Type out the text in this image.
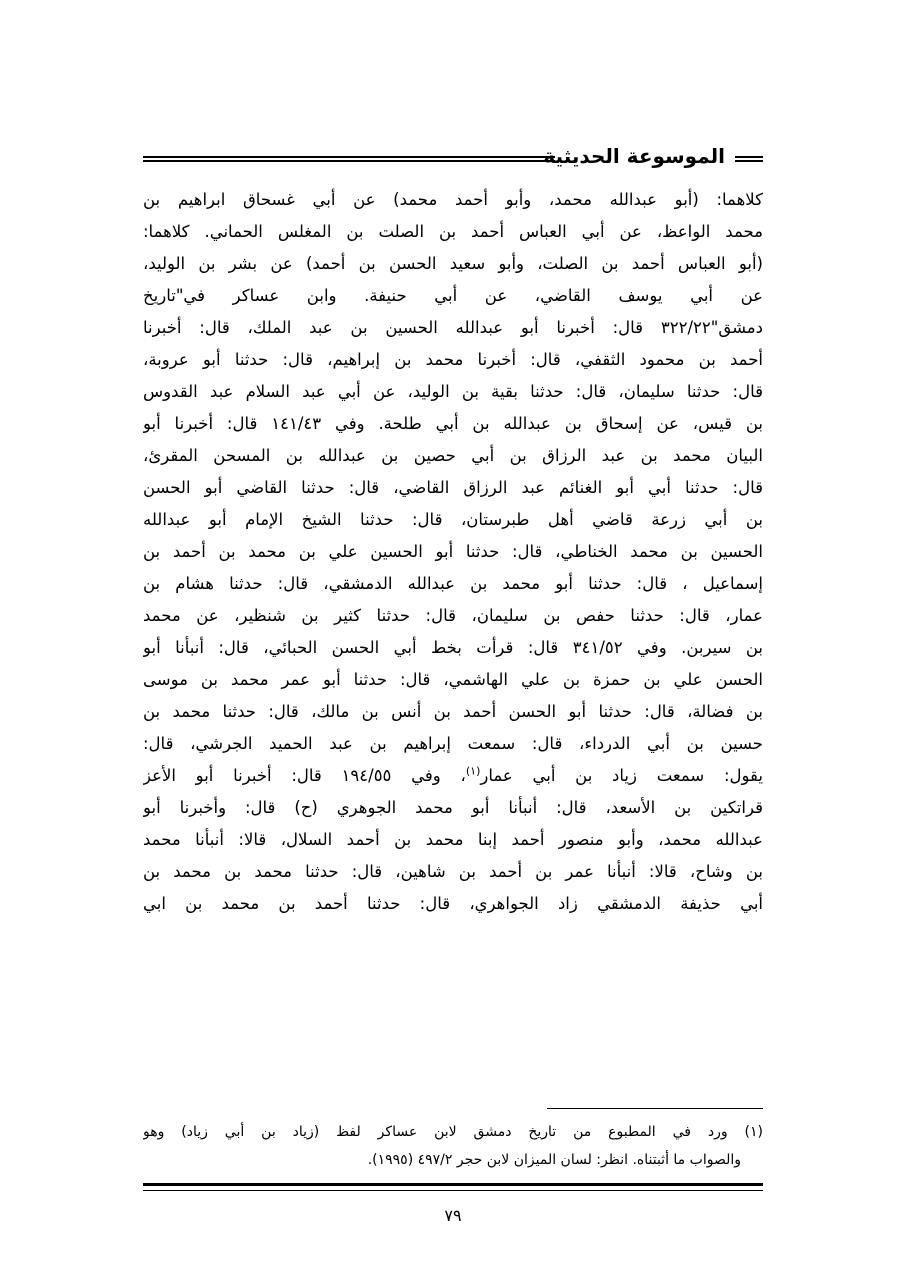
الموسوعة الحديثية
كلاهما: (أبو عبدالله محمد، وأبو أحمد محمد) عن أبي غسحاق ابراهيم بن
محمد الواعظ، عن أبي العباس أحمد بن الصلت بن المغلس الحماني. كلاهما:
(أبو العباس أحمد بن الصلت، وأبو سعيد الحسن بن أحمد) عن بشر بن الوليد،
عن أبي يوسف القاضي، عن أبي حنيفة. وابن عساكر في"تاريخ
دمشق"٣٢٢/٢٢ قال: أخبرنا أبو عبدالله الحسين بن عبد الملك، قال: أخبرنا
أحمد بن محمود الثقفي، قال: أخبرنا محمد بن إبراهيم، قال: حدثنا أبو عروبة،
قال: حدثنا سليمان، قال: حدثنا بقية بن الوليد، عن أبي عبد السلام عبد القدوس
بن قيس، عن إسحاق بن عبدالله بن أبي طلحة. وفي ١٤١/٤٣ قال: أخبرنا أبو
البيان محمد بن عبد الرزاق بن أبي حصين بن عبدالله بن المسحن المقرئ،
قال: حدثنا أبي أبو الغنائم عبد الرزاق القاضي، قال: حدثنا القاضي أبو الحسن
بن أبي زرعة قاضي أهل طبرستان، قال: حدثنا الشيخ الإمام أبو عبدالله
الحسين بن محمد الخناطي، قال: حدثنا أبو الحسين علي بن محمد بن أحمد بن
إسماعيل ، قال: حدثنا أبو محمد بن عبدالله الدمشقي، قال: حدثنا هشام بن
عمار، قال: حدثنا حفص بن سليمان، قال: حدثنا كثير بن شنظير، عن محمد
بن سيربن. وفي ٣٤١/٥٢ قال: قرأت بخط أبي الحسن الحبائي، قال: أنبأنا أبو
الحسن علي بن حمزة بن علي الهاشمي، قال: حدثنا أبو عمر محمد بن موسى
بن فضالة، قال: حدثنا أبو الحسن أحمد بن أنس بن مالك، قال: حدثنا محمد بن
حسين بن أبي الدرداء، قال: سمعت إبراهيم بن عبد الحميد الجرشي، قال:
يقول: سمعت زياد بن أبي عمار$^{(١)}$، وفي ١٩٤/٥٥ قال: أخبرنا أبو الأعز
قراتكين بن الأسعد، قال: أنبأنا أبو محمد الجوهري (ح) قال: وأخبرنا أبو
عبدالله محمد، وأبو منصور أحمد إبنا محمد بن أحمد السلال، قالا: أنبأنا محمد
بن وشاح، قالا: أنبأنا عمر بن أحمد بن شاهين، قال: حدثنا محمد بن محمد بن
أبي حذيفة الدمشقي زاد الجواهري، قال: حدثنا أحمد بن محمد بن ابي
(١) ورد في المطبوع من تاريخ دمشق لابن عساكر لفظ (زياد بن أبي زياد) وهو
والصواب ما أثبتناه. انظر: لسان الميزان لابن حجر ٤٩٧/٢ (١٩٩٥).
٧٩
